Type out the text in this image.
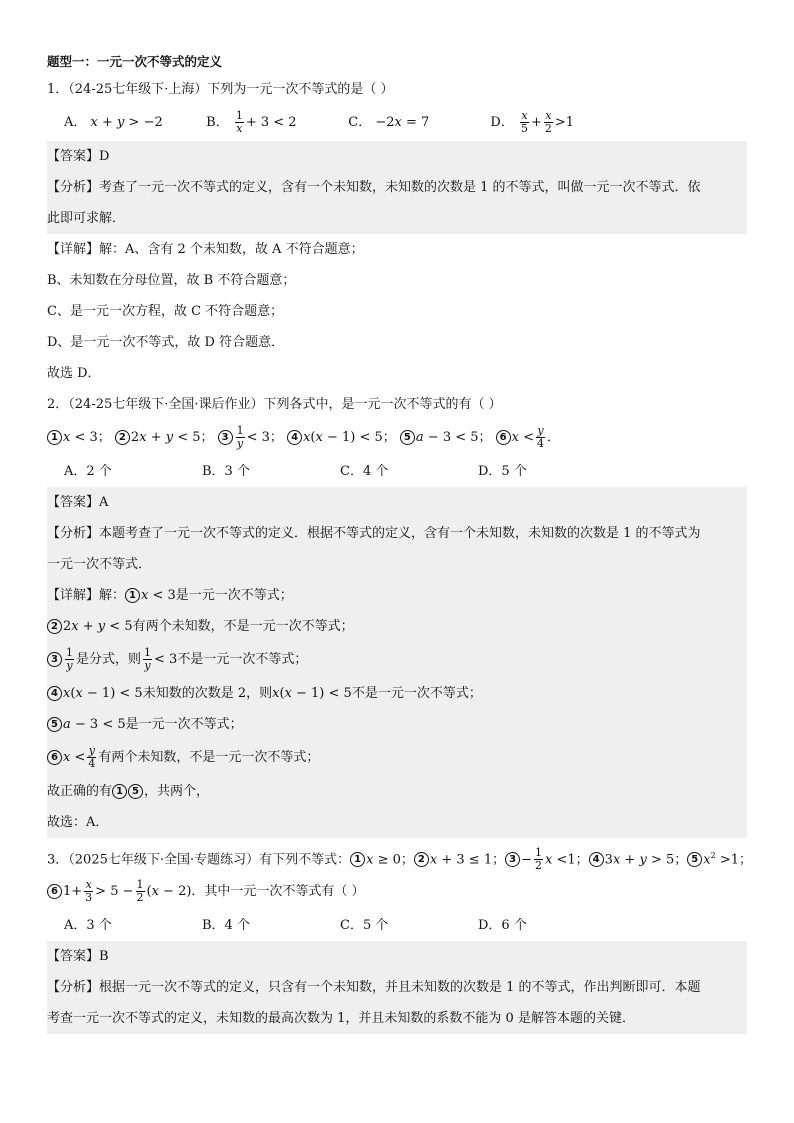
题型一：一元一次不等式的定义
1．（24-25七年级下·上海）下列为一元一次不等式的是（ ）
A． x + y > −2	B． $\frac{1}{x} + 3 < 2$	C． −2x = 7	D． $\frac{x}{5} + \frac{x}{2} >1$
【答案】D
【分析】考查了一元一次不等式的定义，含有一个未知数，未知数的次数是 1 的不等式，叫做一元一次不等式．依
此即可求解．
【详解】解：A、含有 2 个未知数，故 A 不符合题意；
B、未知数在分母位置，故 B 不符合题意；
C、是一元一次方程，故 C 不符合题意；
D、是一元一次不等式，故 D 符合题意．
故选 D．
2．（24-25七年级下·全国·课后作业）下列各式中，是一元一次不等式的有（ ）
1 x < 3； 2 2x + y < 5； $3 \frac{1}{y} < 3$； 4 x(x − 1) < 5； 5 a − 3 < 5； 6 $x < \frac{y}{4}$ ．
A．2 个	B．3 个	C．4 个	D．5 个
【答案】A
【分析】本题考查了一元一次不等式的定义．根据不等式的定义，含有一个未知数，未知数的次数是 1 的不等式为
一元一次不等式．
【详解】解： 1 x < 3是一元一次不等式；
2 2x + y < 5有两个未知数，不是一元一次不等式；
$3 \frac{1}{y}$ 是分式，则 $\frac{1}{y} < 3$不是一元一次不等式；
4 x(x − 1) < 5未知数的次数是 2，则x(x − 1) < 5不是一元一次不等式；
5 a − 3 < 5是一元一次不等式；
6 $x < \frac{y}{4}$ 有两个未知数，不是一元一次不等式；
故正确的有 1 5 ，共两个，
故选：A．
3．（2025七年级下·全国·专题练习）有下列不等式： 1 x ≥ 0； 2 x + 3 ≤ 1； $3 - \frac{1}{2}$ x <1； 4 3x + y > 5； 5 $x^2 >1$；
6 $1+ \frac{x}{3} > 5 - \frac{1}{2} (x - 2)$．其中一元一次不等式有（ ）
A．3 个	B．4 个	C．5 个	D．6 个
【答案】B
【分析】根据一元一次不等式的定义，只含有一个未知数，并且未知数的次数是 1 的不等式，作出判断即可．本题
考查一元一次不等式的定义，未知数的最高次数为 1，并且未知数的系数不能为 0 是解答本题的关键．
